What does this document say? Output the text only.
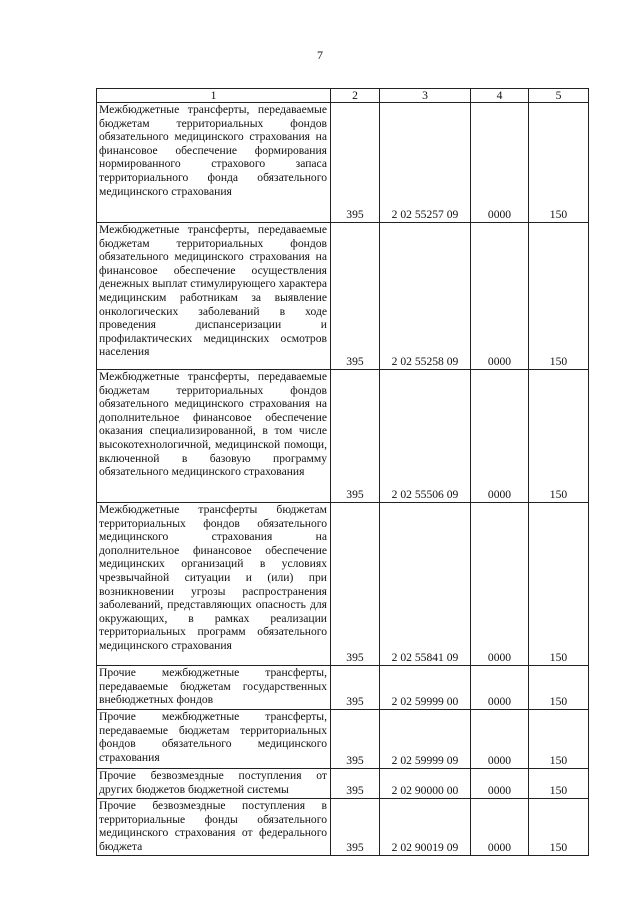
7
1	2	3	4	5
Межбюджетные трансферты, передаваемые бюджетам территориальных фондов обязательного медицинского страхования на финансовое обеспечение формирования нормированного страхового запаса территориального фонда обязательного медицинского страхования	395	2 02 55257 09	0000	150
Межбюджетные трансферты, передаваемые бюджетам территориальных фондов обязательного медицинского страхования на финансовое обеспечение осуществления денежных выплат стимулирующего характера медицинским работникам за выявление онкологических заболеваний в ходе проведения диспансеризации и профилактических медицинских осмотров населения	395	2 02 55258 09	0000	150
Межбюджетные трансферты, передаваемые бюджетам территориальных фондов обязательного медицинского страхования на дополнительное финансовое обеспечение оказания специализированной, в том числе высокотехнологичной, медицинской помощи, включенной в базовую программу обязательного медицинского страхования	395	2 02 55506 09	0000	150
Межбюджетные трансферты бюджетам территориальных фондов обязательного медицинского страхования на дополнительное финансовое обеспечение медицинских организаций в условиях чрезвычайной ситуации и (или) при возникновении угрозы распространения заболеваний, представляющих опасность для окружающих, в рамках реализации территориальных программ обязательного медицинского страхования	395	2 02 55841 09	0000	150
Прочие межбюджетные трансферты, передаваемые бюджетам государственных внебюджетных фондов	395	2 02 59999 00	0000	150
Прочие межбюджетные трансферты, передаваемые бюджетам территориальных фондов обязательного медицинского страхования	395	2 02 59999 09	0000	150
Прочие безвозмездные поступления от других бюджетов бюджетной системы	395	2 02 90000 00	0000	150
Прочие безвозмездные поступления в территориальные фонды обязательного медицинского страхования от федерального бюджета	395	2 02 90019 09	0000	150
